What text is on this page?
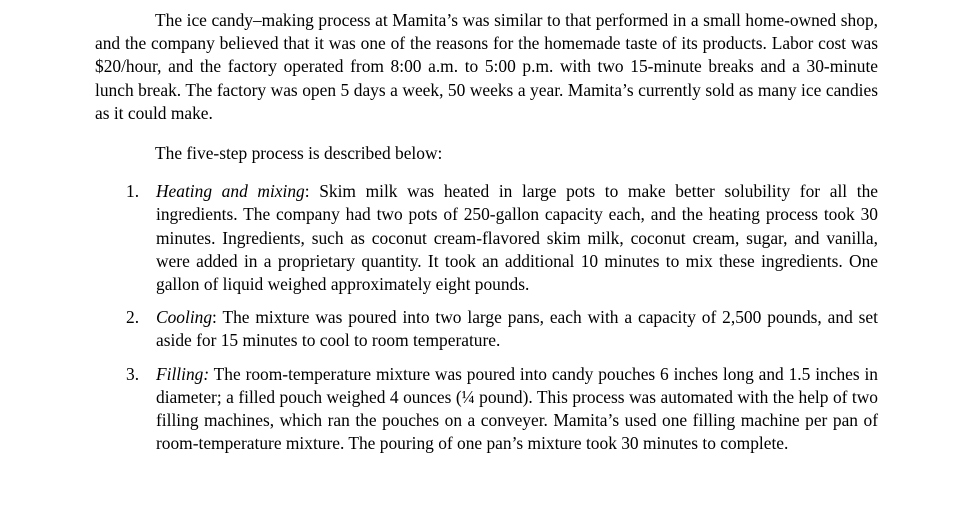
The ice candy–making process at Mamita’s was similar to that performed in a small home-owned shop, and the company believed that it was one of the reasons for the homemade taste of its products. Labor cost was $20/hour, and the factory operated from 8:00 a.m. to 5:00 p.m. with two 15-minute breaks and a 30-minute lunch break. The factory was open 5 days a week, 50 weeks a year. Mamita’s currently sold as many ice candies as it could make.

The five-step process is described below:

1. Heating and mixing: Skim milk was heated in large pots to make better solubility for all the ingredients. The company had two pots of 250-gallon capacity each, and the heating process took 30 minutes. Ingredients, such as coconut cream-flavored skim milk, coconut cream, sugar, and vanilla, were added in a proprietary quantity. It took an additional 10 minutes to mix these ingredients. One gallon of liquid weighed approximately eight pounds.
2. Cooling: The mixture was poured into two large pans, each with a capacity of 2,500 pounds, and set aside for 15 minutes to cool to room temperature.
3. Filling: The room-temperature mixture was poured into candy pouches 6 inches long and 1.5 inches in diameter; a filled pouch weighed 4 ounces (¼ pound). This process was automated with the help of two filling machines, which ran the pouches on a conveyer. Mamita’s used one filling machine per pan of room-temperature mixture. The pouring of one pan’s mixture took 30 minutes to complete.
